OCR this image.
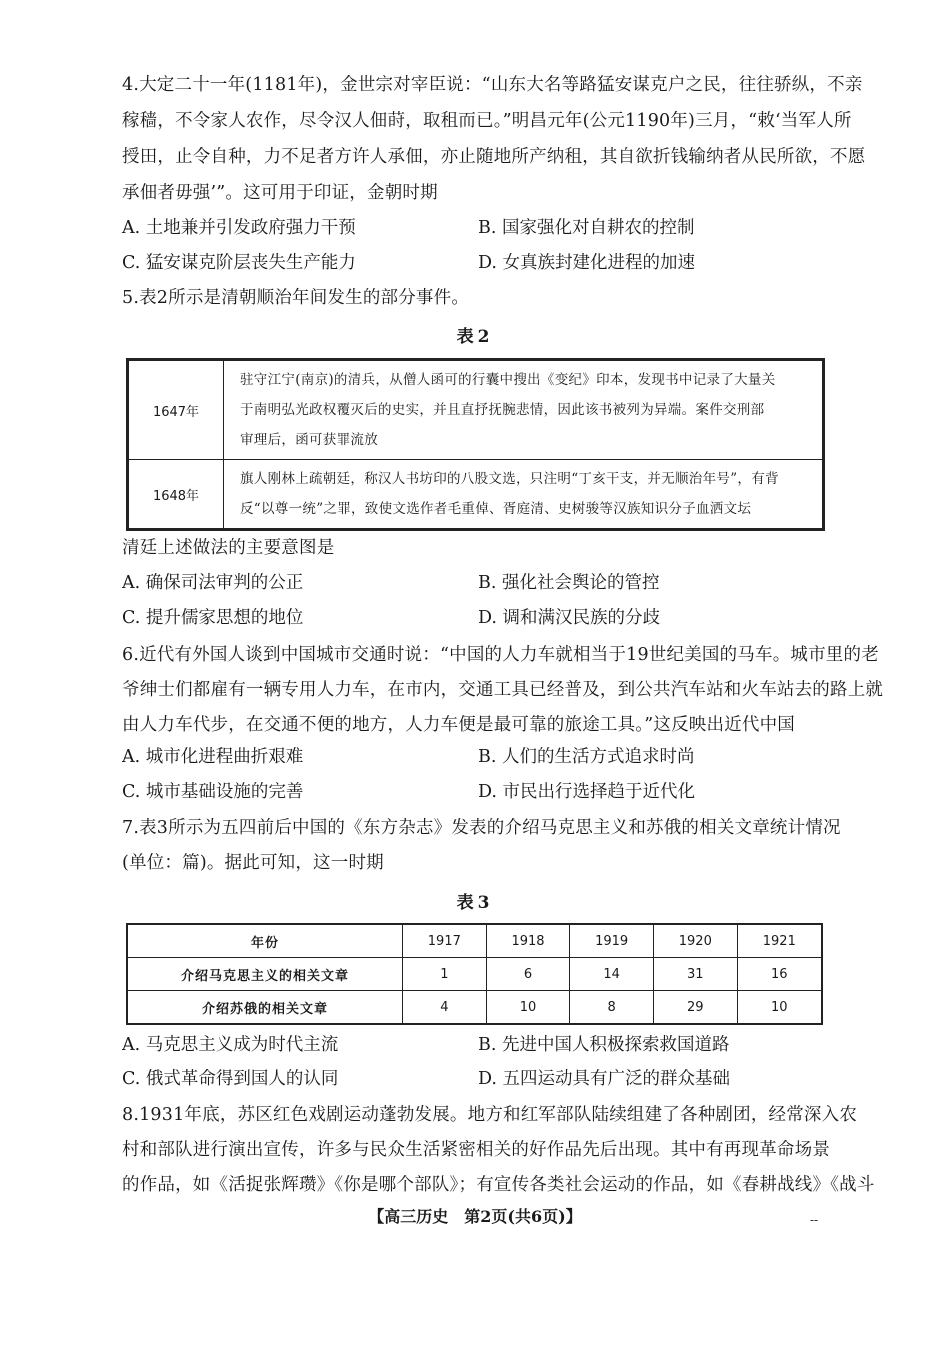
4.大定二十一年(1181年)，金世宗对宰臣说：“山东大名等路猛安谋克户之民，往往骄纵，不亲
稼穑，不令家人农作，尽令汉人佃莳，取租而已。”明昌元年(公元1190年)三月，“敕‘当军人所
授田，止令自种，力不足者方许人承佃，亦止随地所产纳租，其自欲折钱输纳者从民所欲，不愿
承佃者毋强’”。这可用于印证，金朝时期
A. 土地兼并引发政府强力干预	B. 国家强化对自耕农的控制
C. 猛安谋克阶层丧失生产能力	D. 女真族封建化进程的加速
5.表2所示是清朝顺治年间发生的部分事件。
表2
1647年	驻守江宁(南京)的清兵，从僧人函可的行囊中搜出《变纪》印本，发现书中记录了大量关
于南明弘光政权覆灭后的史实，并且直抒抚腕悲情，因此该书被列为异端。案件交刑部
审理后，函可获罪流放

1648年	旗人刚林上疏朝廷，称汉人书坊印的八股文选，只注明“丁亥干支，并无顺治年号”，有背
反“以尊一统”之罪，致使文选作者毛重倬、胥庭清、史树骏等汉族知识分子血洒文坛
清廷上述做法的主要意图是
A. 确保司法审判的公正	B. 强化社会舆论的管控
C. 提升儒家思想的地位	D. 调和满汉民族的分歧
6.近代有外国人谈到中国城市交通时说：“中国的人力车就相当于19世纪美国的马车。城市里的老
爷绅士们都雇有一辆专用人力车，在市内，交通工具已经普及，到公共汽车站和火车站去的路上就
由人力车代步，在交通不便的地方，人力车便是最可靠的旅途工具。”这反映出近代中国
A. 城市化进程曲折艰难	B. 人们的生活方式追求时尚
C. 城市基础设施的完善	D. 市民出行选择趋于近代化
7.表3所示为五四前后中国的《东方杂志》发表的介绍马克思主义和苏俄的相关文章统计情况
(单位：篇)。据此可知，这一时期
表3
年份	1917	1918	1919	1920	1921
介绍马克思主义的相关文章	1	6	14	31	16
介绍苏俄的相关文章	4	10	8	29	10
A. 马克思主义成为时代主流	B. 先进中国人积极探索救国道路
C. 俄式革命得到国人的认同	D. 五四运动具有广泛的群众基础
8.1931年底，苏区红色戏剧运动蓬勃发展。地方和红军部队陆续组建了各种剧团，经常深入农
村和部队进行演出宣传，许多与民众生活紧密相关的好作品先后出现。其中有再现革命场景
的作品，如《活捉张辉瓒》《你是哪个部队》；有宣传各类社会运动的作品，如《春耕战线》《战斗
【高三历史　第2页(共6页)】	--
